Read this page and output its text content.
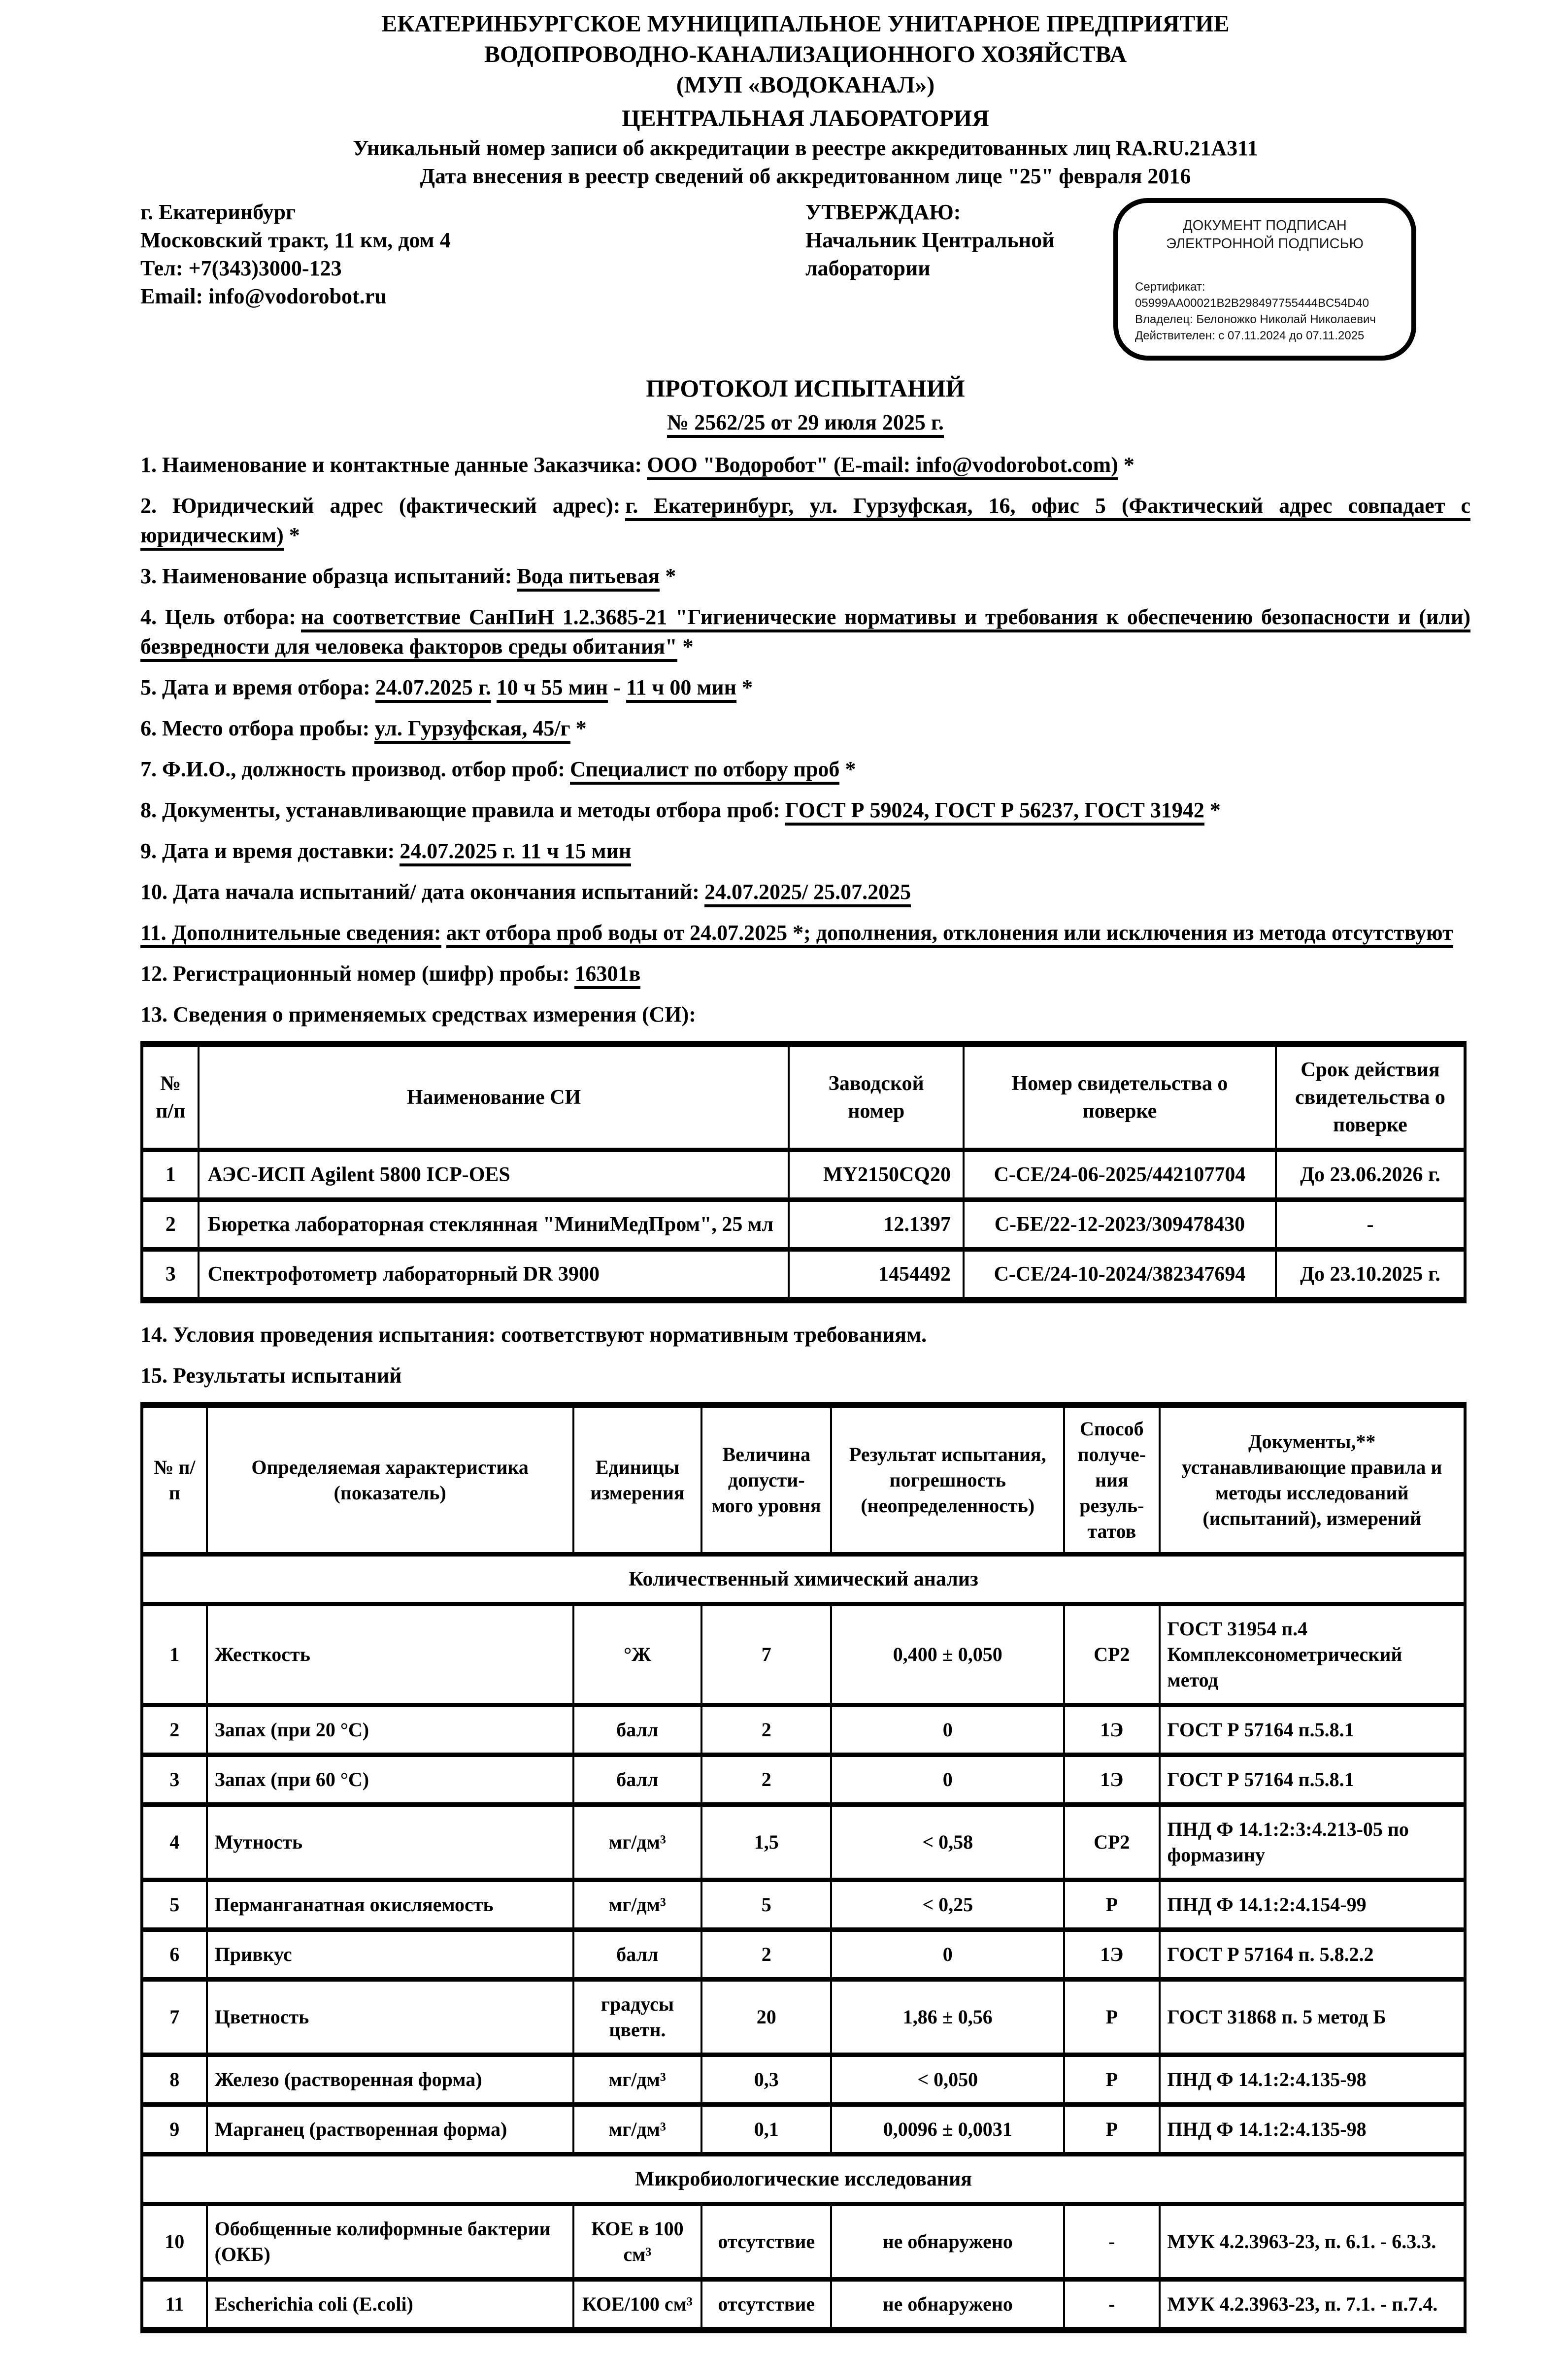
ЕКАТЕРИНБУРГСКОЕ МУНИЦИПАЛЬНОЕ УНИТАРНОЕ ПРЕДПРИЯТИЕ
ВОДОПРОВОДНО-КАНАЛИЗАЦИОННОГО ХОЗЯЙСТВА
(МУП «ВОДОКАНАЛ»)
ЦЕНТРАЛЬНАЯ ЛАБОРАТОРИЯ
Уникальный номер записи об аккредитации в реестре аккредитованных лиц RA.RU.21А311
Дата внесения в реестр сведений об аккредитованном лице "25" февраля 2016
г. Екатеринбург
Московский тракт, 11 км, дом 4
Тел: +7(343)3000-123
Email: info@vodorobot.ru
УТВЕРЖДАЮ:
Начальник Центральной
лаборатории
ДОКУМЕНТ ПОДПИСАН
ЭЛЕКТРОННОЙ ПОДПИСЬЮ
Сертификат: 05999AA00021B2B298497755444BC54D40
Владелец: Белоножко Николай Николаевич
Действителен: с 07.11.2024 до 07.11.2025
ПРОТОКОЛ ИСПЫТАНИЙ
№ 2562/25 от 29 июля 2025 г.

1. Наименование и контактные данные Заказчика: ООО "Водоробот" (E-mail: info@vodorobot.com) *

2. Юридический адрес (фактический адрес): г. Екатеринбург, ул. Гурзуфская, 16, офис 5 (Фактический адрес совпадает с юридическим) *

3. Наименование образца испытаний: Вода питьевая *

4. Цель отбора: на соответствие СанПиН 1.2.3685-21 "Гигиенические нормативы и требования к обеспечению безопасности и (или) безвредности для человека факторов среды обитания" *

5. Дата и время отбора: 24.07.2025 г. 10 ч 55 мин - 11 ч 00 мин *

6. Место отбора пробы: ул. Гурзуфская, 45/г *

7. Ф.И.О., должность производ. отбор проб: Специалист по отбору проб *

8. Документы, устанавливающие правила и методы отбора проб: ГОСТ Р 59024, ГОСТ Р 56237, ГОСТ 31942 *

9. Дата и время доставки: 24.07.2025 г. 11 ч 15 мин

10. Дата начала испытаний/ дата окончания испытаний: 24.07.2025/ 25.07.2025

11. Дополнительные сведения: акт отбора проб воды от 24.07.2025 *; дополнения, отклонения или исключения из метода отсутствуют

12. Регистрационный номер (шифр) пробы: 16301в

13. Сведения о применяемых средствах измерения (СИ):

№ п/п	Наименование СИ	Заводской номер	Номер свидетельства о поверке	Срок действия свидетельства о поверке
1	АЭС-ИСП Agilent 5800 ICP-OES	MY2150CQ20	С-СЕ/24-06-2025/442107704	До 23.06.2026 г.
2	Бюретка лабораторная стеклянная "МиниМедПром", 25 мл	12.1397	С-БЕ/22-12-2023/309478430	-
3	Спектрофотометр лабораторный DR 3900	1454492	С-СЕ/24-10-2024/382347694	До 23.10.2025 г.

14. Условия проведения испытания: соответствуют нормативным требованиям.

15. Результаты испытаний

№ п/п	Определяемая характеристика (показатель)	Единицы измерения	Величина допусти-мого уровня	Результат испытания, погрешность (неопределенность)	Способ получе-ния резуль-татов	Документы,** устанавливающие правила и методы исследований (испытаний), измерений
Количественный химический анализ						
1	Жесткость	°Ж	7	0,400 ± 0,050	СР2	ГОСТ 31954 п.4 Комплексонометрический метод
2	Запах (при 20 °С)	балл	2	0	1Э	ГОСТ Р 57164 п.5.8.1
3	Запах (при 60 °С)	балл	2	0	1Э	ГОСТ Р 57164 п.5.8.1
4	Мутность	мг/дм³	1,5	< 0,58	СР2	ПНД Ф 14.1:2:3:4.213-05 по формазину
5	Перманганатная окисляемость	мг/дм³	5	< 0,25	Р	ПНД Ф 14.1:2:4.154-99
6	Привкус	балл	2	0	1Э	ГОСТ Р 57164 п. 5.8.2.2
7	Цветность	градусы цветн.	20	1,86 ± 0,56	Р	ГОСТ 31868 п. 5 метод Б
8	Железо (растворенная форма)	мг/дм³	0,3	< 0,050	Р	ПНД Ф 14.1:2:4.135-98
9	Марганец (растворенная форма)	мг/дм³	0,1	0,0096 ± 0,0031	Р	ПНД Ф 14.1:2:4.135-98
Микробиологические исследования						
10	Обобщенные колиформные бактерии (ОКБ)	КОЕ в 100 см³	отсутствие	не обнаружено	-	МУК 4.2.3963-23, п. 6.1. - 6.3.3.
11	Escherichia coli (E.coli)	КОЕ/100 см³	отсутствие	не обнаружено	-	МУК 4.2.3963-23, п. 7.1. - п.7.4.
